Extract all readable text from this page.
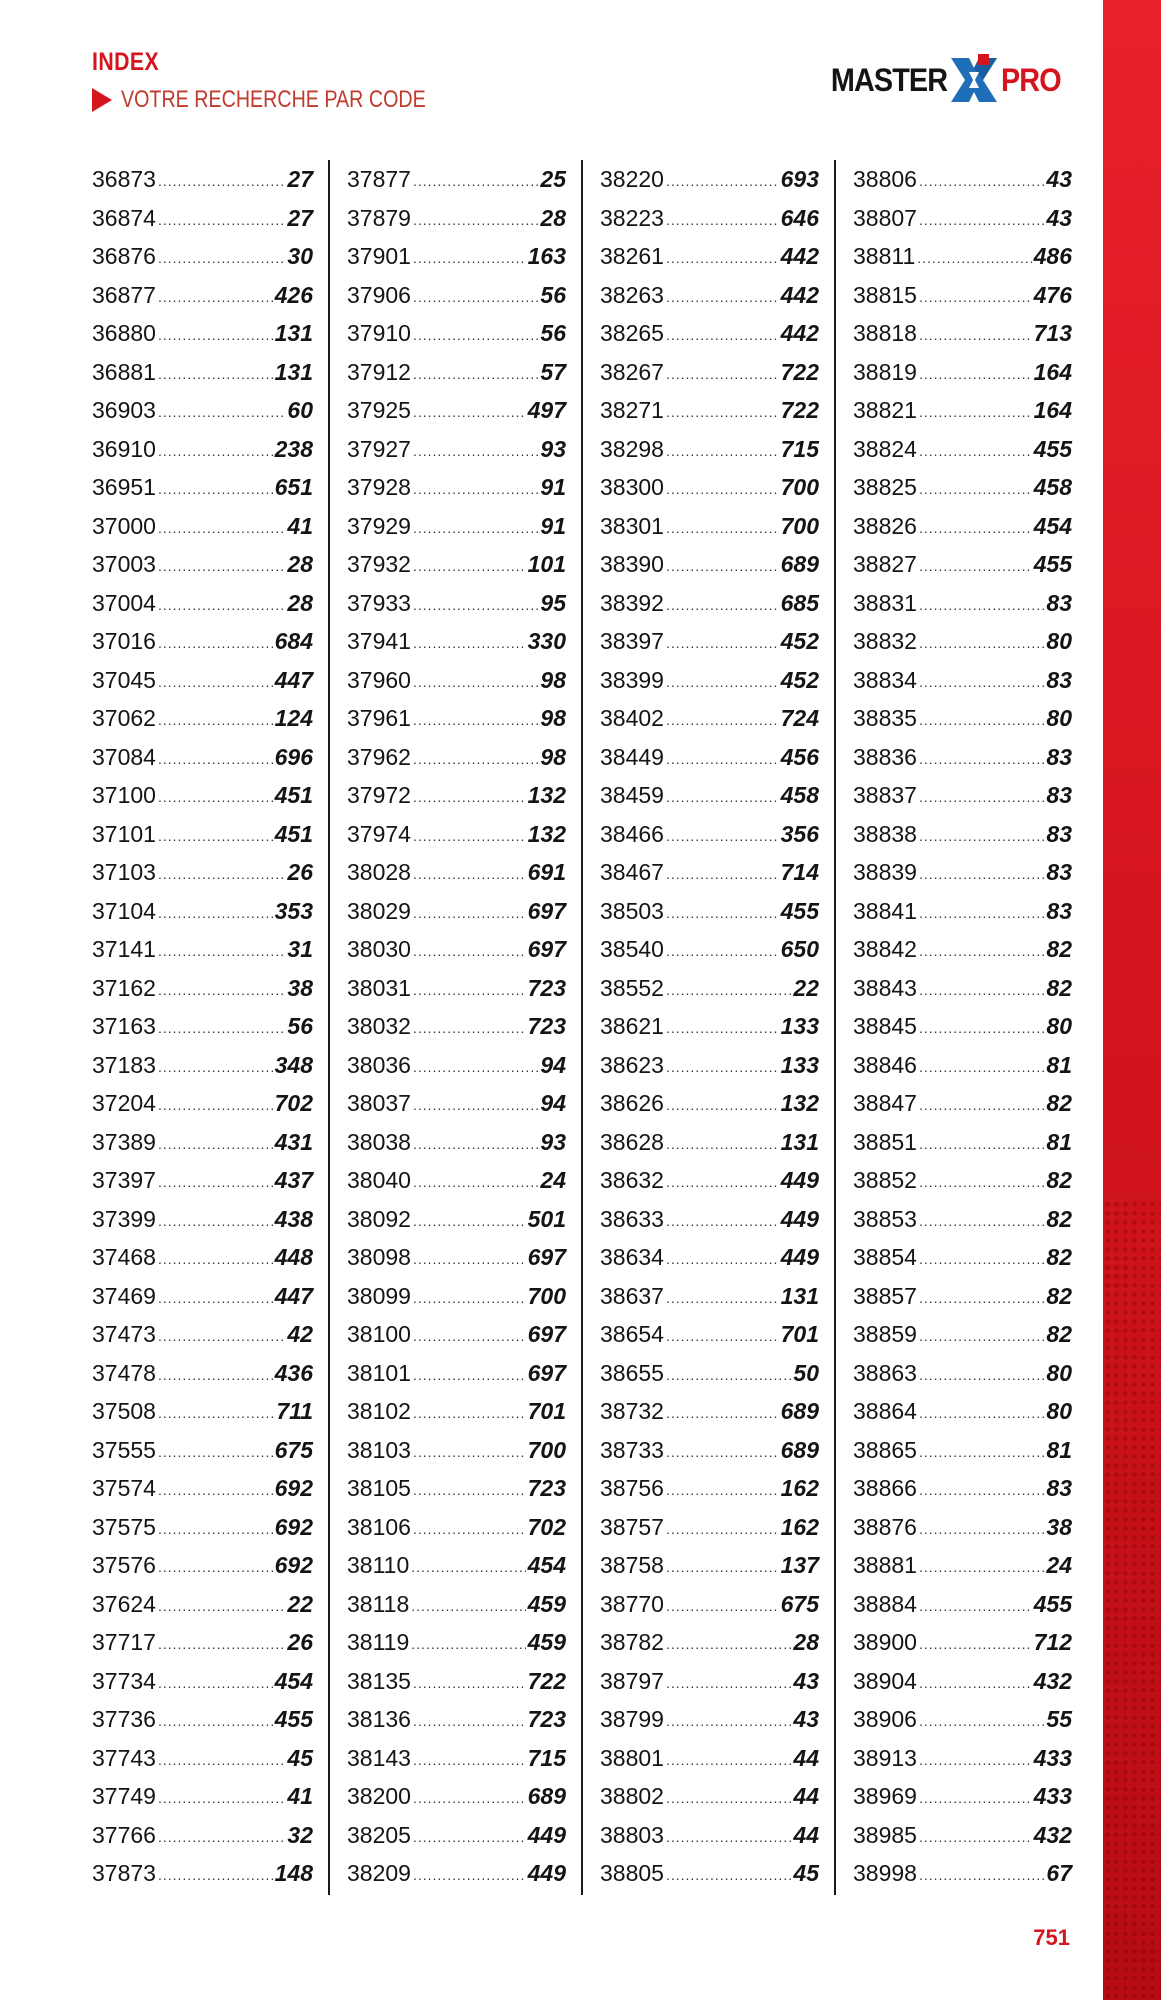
INDEX
VOTRE RECHERCHE PAR CODE
MASTER PRO
36873 .....	27
36874 .....	27
36876 .....	30
36877 .....	426
36880 .....	131
36881 .....	131
36903 .....	60
36910 .....	238
36951 .....	651
37000 .....	41
37003 .....	28
37004 .....	28
37016 .....	684
37045 .....	447
37062 .....	124
37084 .....	696
37100 .....	451
37101 .....	451
37103 .....	26
37104 .....	353
37141 .....	31
37162 .....	38
37163 .....	56
37183 .....	348
37204 .....	702
37389 .....	431
37397 .....	437
37399 .....	438
37468 .....	448
37469 .....	447
37473 .....	42
37478 .....	436
37508 .....	711
37555 .....	675
37574 .....	692
37575 .....	692
37576 .....	692
37624 .....	22
37717 .....	26
37734 .....	454
37736 .....	455
37743 .....	45
37749 .....	41
37766 .....	32
37873 .....	148
37877 .....	25
37879 .....	28
37901 .....	163
37906 .....	56
37910 .....	56
37912 .....	57
37925 .....	497
37927 .....	93
37928 .....	91
37929 .....	91
37932 .....	101
37933 .....	95
37941 .....	330
37960 .....	98
37961 .....	98
37962 .....	98
37972 .....	132
37974 .....	132
38028 .....	691
38029 .....	697
38030 .....	697
38031 .....	723
38032 .....	723
38036 .....	94
38037 .....	94
38038 .....	93
38040 .....	24
38092 .....	501
38098 .....	697
38099 .....	700
38100 .....	697
38101 .....	697
38102 .....	701
38103 .....	700
38105 .....	723
38106 .....	702
38110 .....	454
38118 .....	459
38119 .....	459
38135 .....	722
38136 .....	723
38143 .....	715
38200 .....	689
38205 .....	449
38209 .....	449
38220 .....	693
38223 .....	646
38261 .....	442
38263 .....	442
38265 .....	442
38267 .....	722
38271 .....	722
38298 .....	715
38300 .....	700
38301 .....	700
38390 .....	689
38392 .....	685
38397 .....	452
38399 .....	452
38402 .....	724
38449 .....	456
38459 .....	458
38466 .....	356
38467 .....	714
38503 .....	455
38540 .....	650
38552 .....	22
38621 .....	133
38623 .....	133
38626 .....	132
38628 .....	131
38632 .....	449
38633 .....	449
38634 .....	449
38637 .....	131
38654 .....	701
38655 .....	50
38732 .....	689
38733 .....	689
38756 .....	162
38757 .....	162
38758 .....	137
38770 .....	675
38782 .....	28
38797 .....	43
38799 .....	43
38801 .....	44
38802 .....	44
38803 .....	44
38805 .....	45
38806 .....	43
38807 .....	43
38811 .....	486
38815 .....	476
38818 .....	713
38819 .....	164
38821 .....	164
38824 .....	455
38825 .....	458
38826 .....	454
38827 .....	455
38831 .....	83
38832 .....	80
38834 .....	83
38835 .....	80
38836 .....	83
38837 .....	83
38838 .....	83
38839 .....	83
38841 .....	83
38842 .....	82
38843 .....	82
38845 .....	80
38846 .....	81
38847 .....	82
38851 .....	81
38852 .....	82
38853 .....	82
38854 .....	82
38857 .....	82
38859 .....	82
38863 .....	80
38864 .....	80
38865 .....	81
38866 .....	83
38876 .....	38
38881 .....	24
38884 .....	455
38900 .....	712
38904 .....	432
38906 .....	55
38913 .....	433
38969 .....	433
38985 .....	432
38998 .....	67
751
